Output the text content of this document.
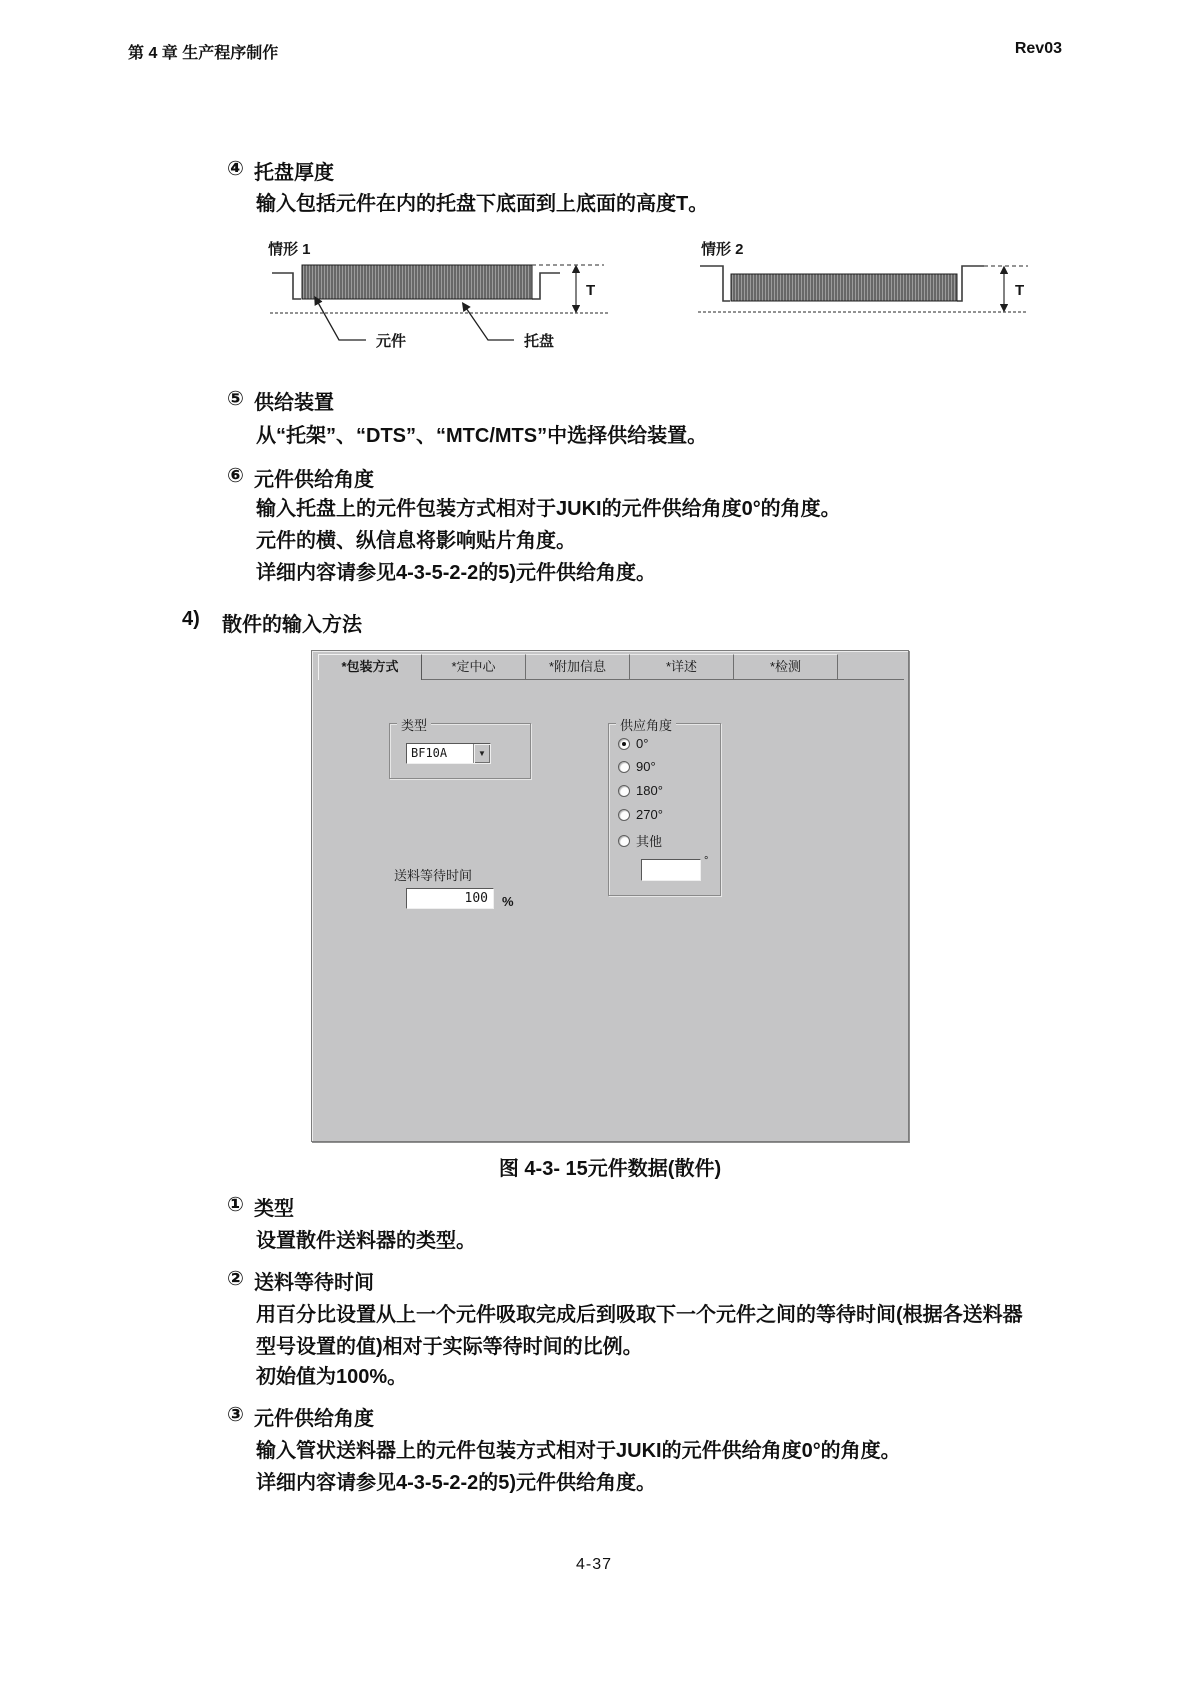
第 4 章 生产程序制作	Rev03
④ 托盘厚度
输入包括元件在内的托盘下底面到上底面的高度T。
情形 1
T
元件	托盘
情形 2
T
⑤ 供给装置
从“托架”、“DTS”、“MTC/MTS”中选择供给装置。
⑥ 元件供给角度
输入托盘上的元件包装方式相对于JUKI的元件供给角度0°的角度。
元件的横、纵信息将影响贴片角度。
详细内容请参见4-3-5-2-2的5)元件供给角度。
4) 散件的输入方法
*包装方式	*定中心	*附加信息	*详述	*检测
类型
BF10A	▼
供应角度
0°
90°
180°
270°
其他
°
送料等待时间
100
%
图 4-3- 15元件数据(散件)
① 类型
设置散件送料器的类型。
② 送料等待时间
用百分比设置从上一个元件吸取完成后到吸取下一个元件之间的等待时间(根据各送料器
型号设置的值)相对于实际等待时间的比例。
初始值为100%。
③ 元件供给角度
输入管状送料器上的元件包装方式相对于JUKI的元件供给角度0°的角度。
详细内容请参见4-3-5-2-2的5)元件供给角度。
4-37
